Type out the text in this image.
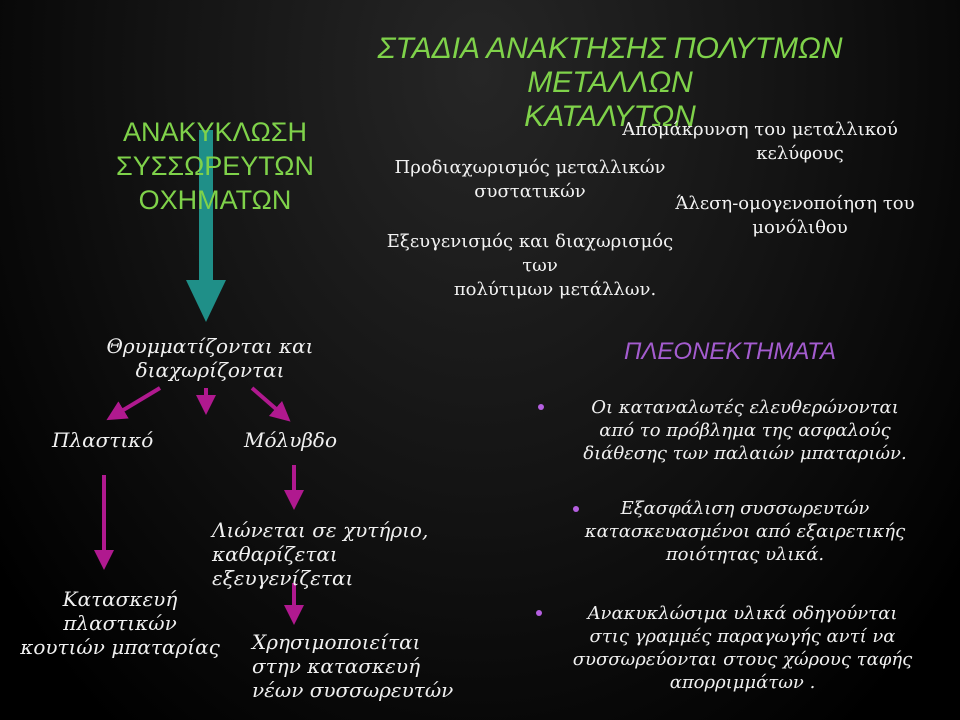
ΣΤΑΔΙΑ ΑΝΑΚΤΗΣΗΣ ΠΟΛΥΤΜΩΝ ΜΕΤΑΛΛΩΝ
ΚΑΤΑΛΥΤΩΝ
ΑΝΑΚΥΚΛΩΣΗ
ΣΥΣΣΩΡΕΥΤΩΝ
ΟΧΗΜΑΤΩΝ
Απομάκρυνση του μεταλλικού
κελύφους
Προδιαχωρισμός μεταλλικών
συστατικών
Άλεση-ομογενοποίηση του
μονόλιθου
Εξευγενισμός και διαχωρισμός
των
πολύτιμων μετάλλων.
Θρυμματίζονται και
διαχωρίζονται
Πλαστικό	Μόλυβδο
Λιώνεται σε χυτήριο,
καθαρίζεται εξευγενίζεται
Χρησιμοποιείται
στην κατασκευή
νέων συσσωρευτών
Κατασκευή
πλαστικών
κουτιών μπαταρίας
ΠΛΕΟΝΕΚΤΗΜΑΤΑ
Οι καταναλωτές ελευθερώνονται
από το πρόβλημα της ασφαλούς
διάθεσης των παλαιών μπαταριών.
Εξασφάλιση συσσωρευτών
κατασκευασμένοι από εξαιρετικής
ποιότητας υλικά.
Ανακυκλώσιμα υλικά οδηγούνται
στις γραμμές παραγωγής αντί να
συσσωρεύονται στους χώρους ταφής
απορριμμάτων .
